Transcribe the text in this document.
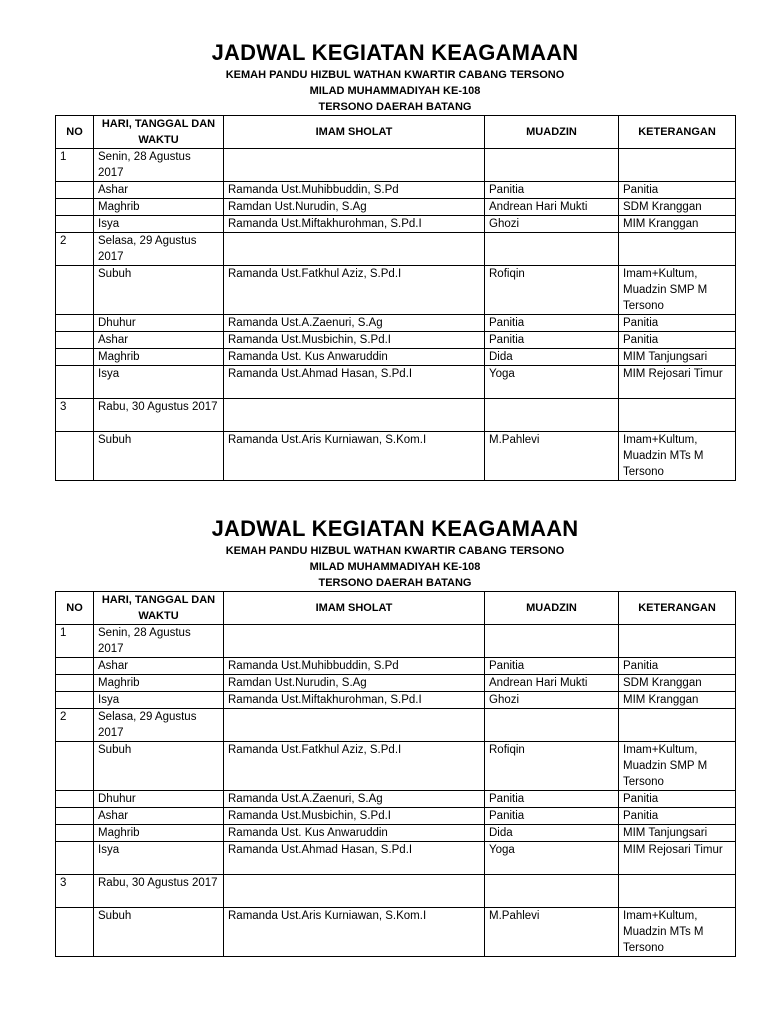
JADWAL KEGIATAN KEAGAMAAN
KEMAH PANDU HIZBUL WATHAN KWARTIR CABANG TERSONO
MILAD MUHAMMADIYAH KE-108
TERSONO DAERAH BATANG
NO	HARI, TANGGAL DAN WAKTU	IMAM SHOLAT	MUADZIN	KETERANGAN
1	Senin, 28 Agustus 2017			
	Ashar	Ramanda Ust.Muhibbuddin, S.Pd	Panitia	Panitia
	Maghrib	Ramdan Ust.Nurudin, S.Ag	Andrean Hari Mukti	SDM Kranggan
	Isya	Ramanda Ust.Miftakhurohman, S.Pd.I	Ghozi	MIM Kranggan
2	Selasa, 29 Agustus 2017			
	Subuh	Ramanda Ust.Fatkhul Aziz, S.Pd.I	Rofiqin	Imam+Kultum, Muadzin SMP M Tersono
	Dhuhur	Ramanda Ust.A.Zaenuri, S.Ag	Panitia	Panitia
	Ashar	Ramanda Ust.Musbichin, S.Pd.I	Panitia	Panitia
	Maghrib	Ramanda Ust. Kus Anwaruddin	Dida	MIM Tanjungsari
	Isya	Ramanda Ust.Ahmad Hasan, S.Pd.I	Yoga	MIM Rejosari Timur
3	Rabu, 30 Agustus 2017			
	Subuh	Ramanda Ust.Aris Kurniawan, S.Kom.I	M.Pahlevi	Imam+Kultum, Muadzin MTs M Tersono
JADWAL KEGIATAN KEAGAMAAN
KEMAH PANDU HIZBUL WATHAN KWARTIR CABANG TERSONO
MILAD MUHAMMADIYAH KE-108
TERSONO DAERAH BATANG
NO	HARI, TANGGAL DAN WAKTU	IMAM SHOLAT	MUADZIN	KETERANGAN
1	Senin, 28 Agustus 2017			
	Ashar	Ramanda Ust.Muhibbuddin, S.Pd	Panitia	Panitia
	Maghrib	Ramdan Ust.Nurudin, S.Ag	Andrean Hari Mukti	SDM Kranggan
	Isya	Ramanda Ust.Miftakhurohman, S.Pd.I	Ghozi	MIM Kranggan
2	Selasa, 29 Agustus 2017			
	Subuh	Ramanda Ust.Fatkhul Aziz, S.Pd.I	Rofiqin	Imam+Kultum, Muadzin SMP M Tersono
	Dhuhur	Ramanda Ust.A.Zaenuri, S.Ag	Panitia	Panitia
	Ashar	Ramanda Ust.Musbichin, S.Pd.I	Panitia	Panitia
	Maghrib	Ramanda Ust. Kus Anwaruddin	Dida	MIM Tanjungsari
	Isya	Ramanda Ust.Ahmad Hasan, S.Pd.I	Yoga	MIM Rejosari Timur
3	Rabu, 30 Agustus 2017			
	Subuh	Ramanda Ust.Aris Kurniawan, S.Kom.I	M.Pahlevi	Imam+Kultum, Muadzin MTs M Tersono
